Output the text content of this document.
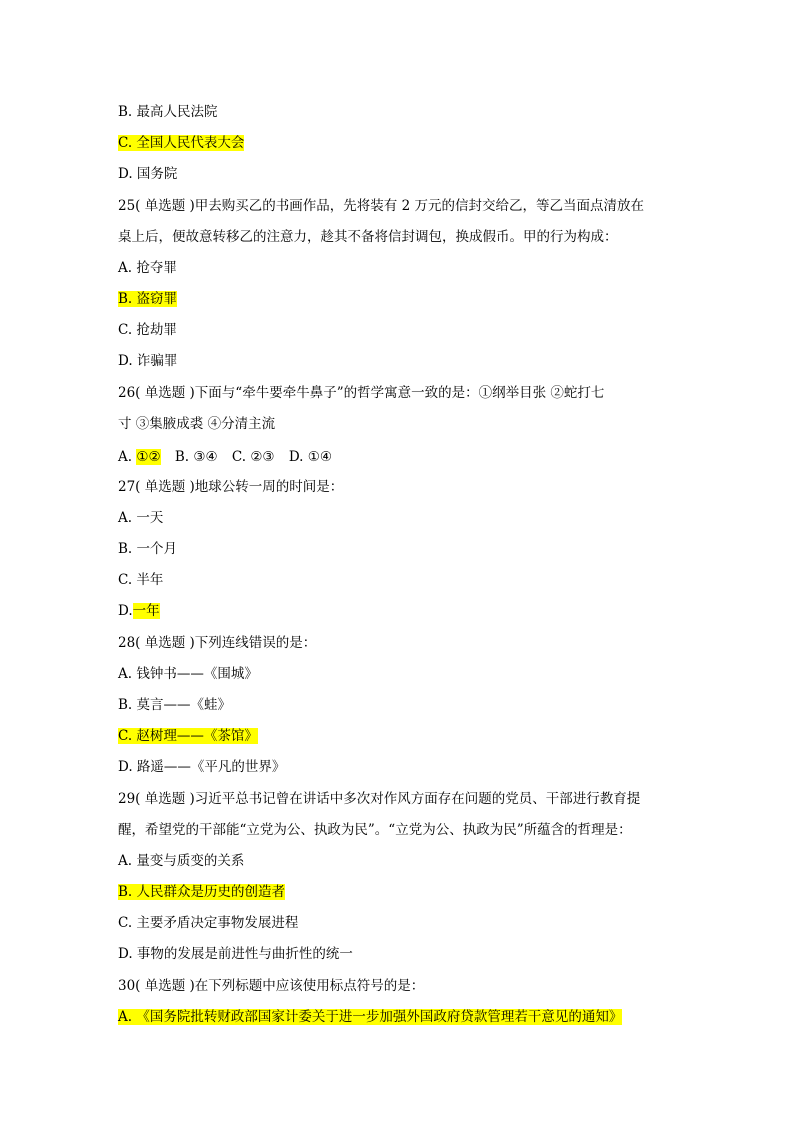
B. 最高人民法院
C. 全国人民代表大会
D. 国务院
25( 单选题 )甲去购买乙的书画作品，先将装有 2 万元的信封交给乙，等乙当面点清放在
桌上后，便故意转移乙的注意力，趁其不备将信封调包，换成假币。甲的行为构成：
A. 抢夺罪
B. 盗窃罪
C. 抢劫罪
D. 诈骗罪
26( 单选题 )下面与“牵牛要牵牛鼻子”的哲学寓意一致的是：①纲举目张 ②蛇打七
寸 ③集腋成裘 ④分清主流
A. ①② B. ③④ C. ②③ D. ①④
27( 单选题 )地球公转一周的时间是：
A. 一天
B. 一个月
C. 半年
D.一年
28( 单选题 )下列连线错误的是：
A. 钱钟书——《围城》
B. 莫言——《蛙》
C. 赵树理——《茶馆》
D. 路遥——《平凡的世界》
29( 单选题 )习近平总书记曾在讲话中多次对作风方面存在问题的党员、干部进行教育提
醒，希望党的干部能“立党为公、执政为民”。“立党为公、执政为民”所蕴含的哲理是：
A. 量变与质变的关系
B. 人民群众是历史的创造者
C. 主要矛盾决定事物发展进程
D. 事物的发展是前进性与曲折性的统一
30( 单选题 )在下列标题中应该使用标点符号的是：
A. 《国务院批转财政部国家计委关于进一步加强外国政府贷款管理若干意见的通知》
